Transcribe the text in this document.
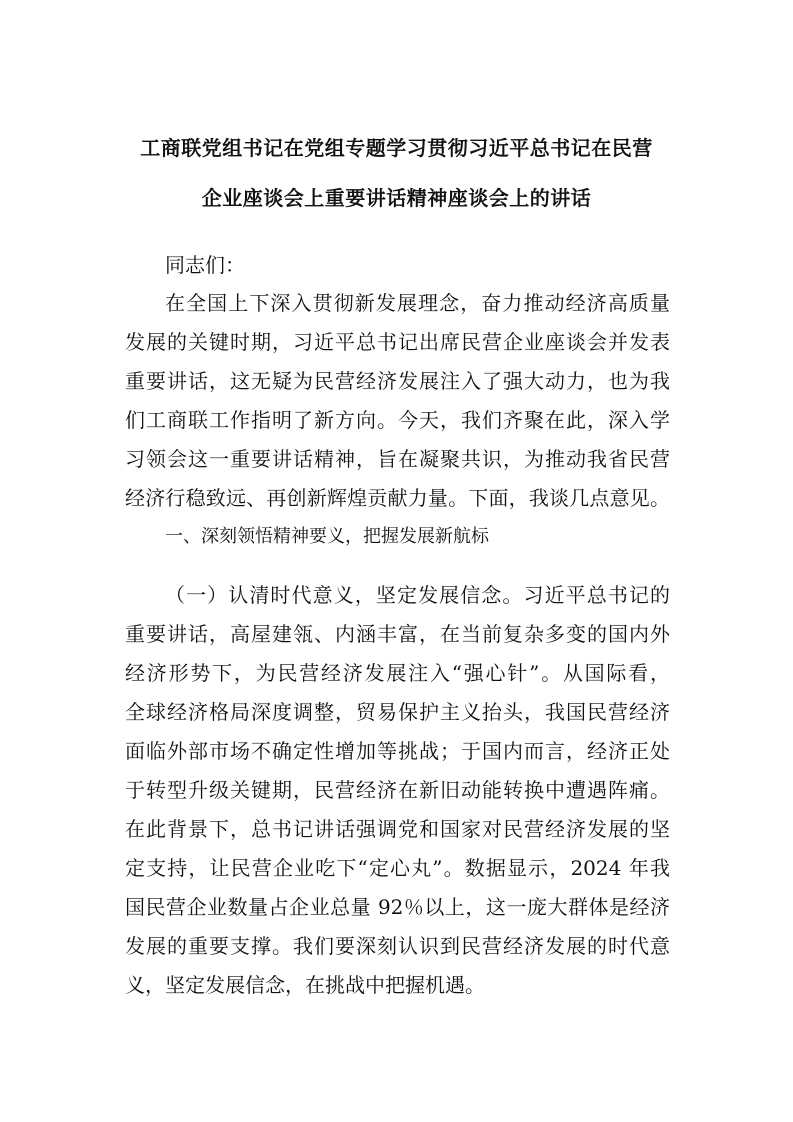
工商联党组书记在党组专题学习贯彻习近平总书记在民营
企业座谈会上重要讲话精神座谈会上的讲话
同志们：
在全国上下深入贯彻新发展理念，奋力推动经济高质量
发展的关键时期，习近平总书记出席民营企业座谈会并发表
重要讲话，这无疑为民营经济发展注入了强大动力，也为我
们工商联工作指明了新方向。今天，我们齐聚在此，深入学
习领会这一重要讲话精神，旨在凝聚共识，为推动我省民营
经济行稳致远、再创新辉煌贡献力量。下面，我谈几点意见。
一、深刻领悟精神要义，把握发展新航标
（一）认清时代意义，坚定发展信念。习近平总书记的
重要讲话，高屋建瓴、内涵丰富，在当前复杂多变的国内外
经济形势下，为民营经济发展注入“强心针”。从国际看，
全球经济格局深度调整，贸易保护主义抬头，我国民营经济
面临外部市场不确定性增加等挑战；于国内而言，经济正处
于转型升级关键期，民营经济在新旧动能转换中遭遇阵痛。
在此背景下，总书记讲话强调党和国家对民营经济发展的坚
定支持，让民营企业吃下“定心丸”。数据显示，2024 年我
国民营企业数量占企业总量 92％以上，这一庞大群体是经济
发展的重要支撑。我们要深刻认识到民营经济发展的时代意
义，坚定发展信念，在挑战中把握机遇。
